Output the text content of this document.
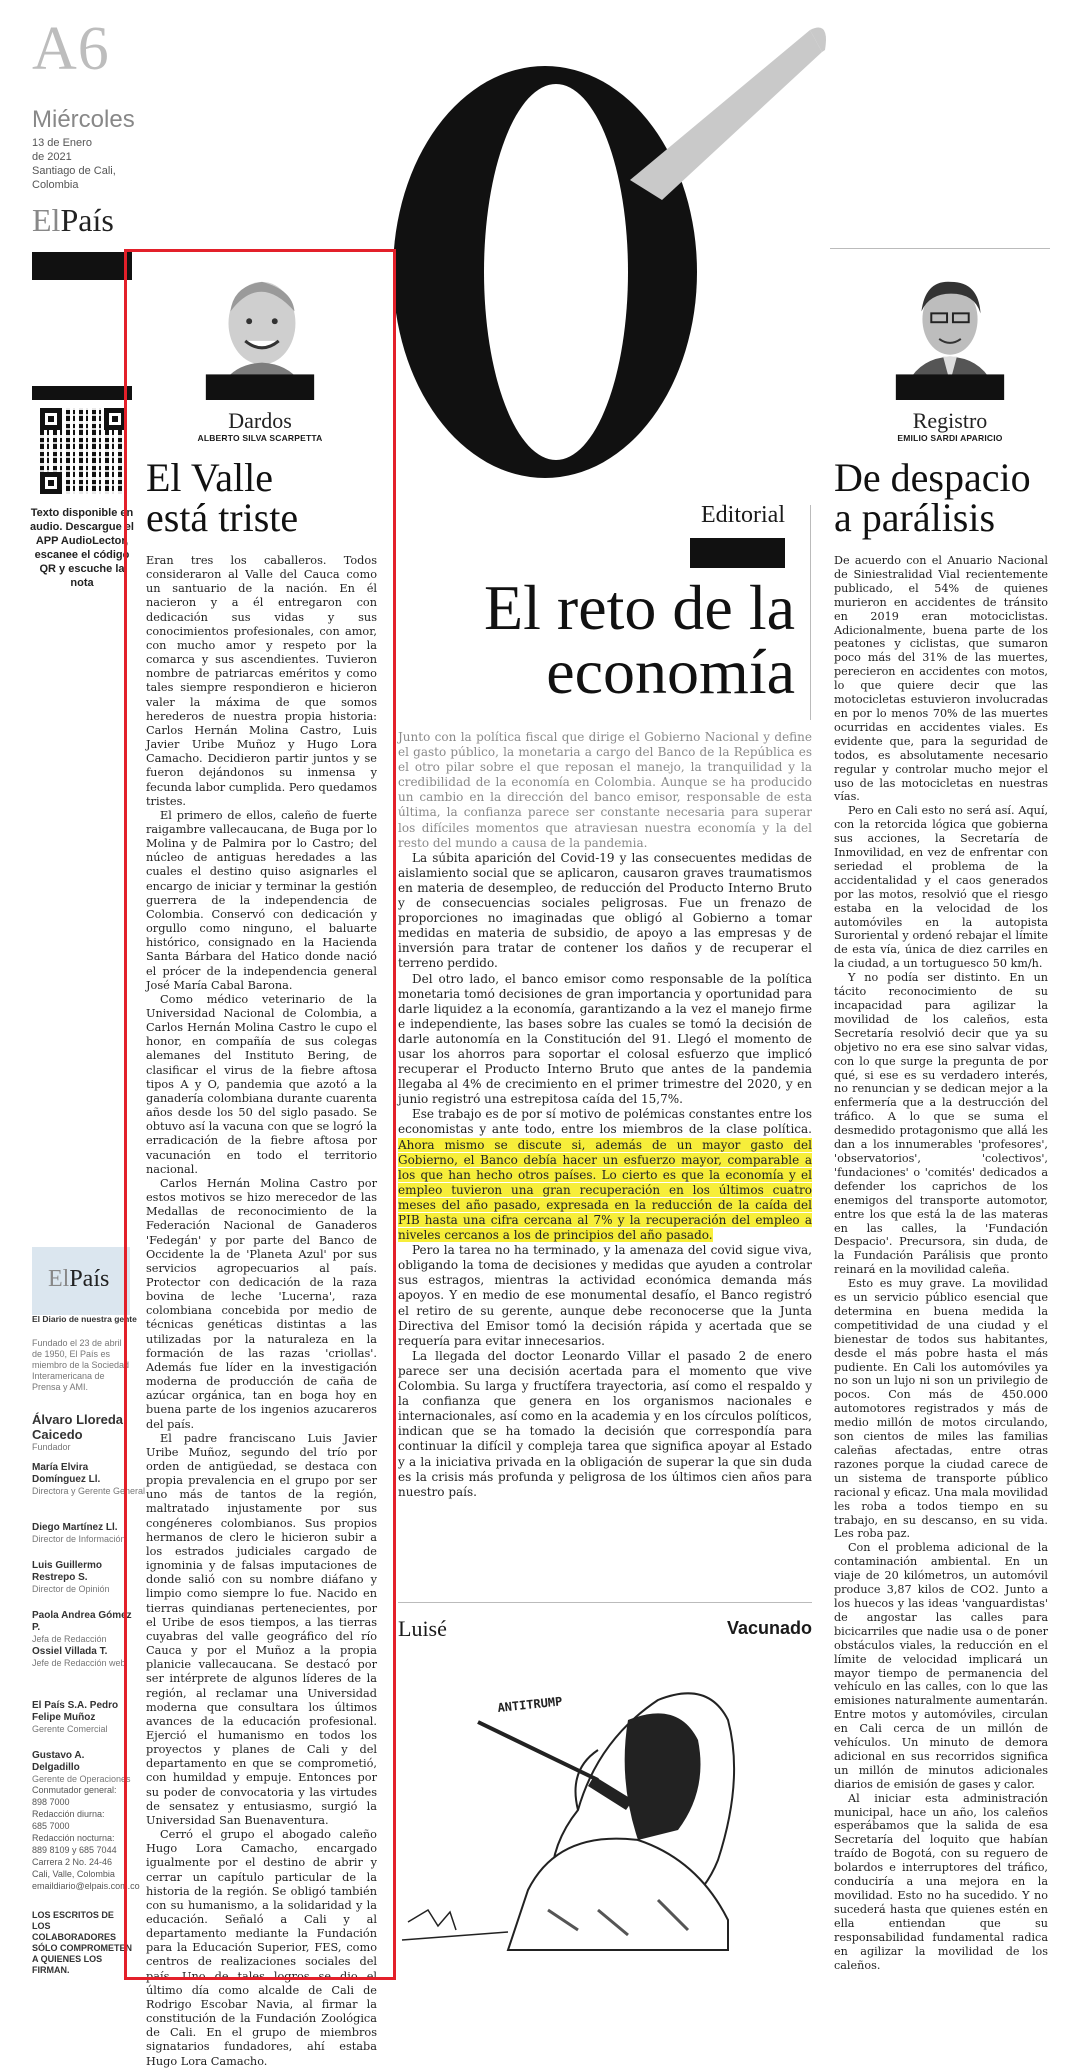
A6
Miércoles
13 de Enero
de 2021
Santiago de Cali,
Colombia
ElPaís
Texto disponible en audio. Descargue el APP AudioLector, escanee el código QR y escuche la nota
ElPaís
El Diario de nuestra gente
Fundado el 23 de abril de 1950, El País es miembro de la Sociedad Interamericana de Prensa y AMI.
Álvaro Lloreda Caicedo
Fundador
María Elvira Domínguez Ll.
Directora y Gerente General
Diego Martínez Ll.
Director de Información
Luis Guillermo Restrepo S.
Director de Opinión
Paola Andrea Gómez P.
Jefa de Redacción
Ossiel Villada T.
Jefe de Redacción web
El País S.A. Pedro Felipe Muñoz
Gerente Comercial
Gustavo A. Delgadillo
Gerente de Operaciones
Conmutador general:
898 7000
Redacción diurna:
685 7000
Redacción nocturna:
889 8109 y 685 7044
Carrera 2 No. 24-46
Cali, Valle, Colombia
emaildiario@elpais.com.co
LOS ESCRITOS DE LOS COLABORADORES SÓLO COMPROMETEN A QUIENES LOS FIRMAN.
Dardos
ALBERTO SILVA SCARPETTA
El Valle
está triste

Eran tres los caballeros. Todos consideraron al Valle del Cauca como un santuario de la nación. En él nacieron y a él entregaron con dedicación sus vidas y sus conocimientos profesionales, con amor, con mucho amor y respeto por la comarca y sus ascendientes. Tuvieron nombre de patriarcas eméritos y como tales siempre respondieron e hicieron valer la máxima de que somos herederos de nuestra propia historia: Carlos Hernán Molina Castro, Luis Javier Uribe Muñoz y Hugo Lora Camacho. Decidieron partir juntos y se fueron dejándonos su inmensa y fecunda labor cumplida. Pero quedamos tristes.

El primero de ellos, caleño de fuerte raigambre vallecaucana, de Buga por lo Molina y de Palmira por lo Castro; del núcleo de antiguas heredades a las cuales el destino quiso asignarles el encargo de iniciar y terminar la gestión guerrera de la independencia de Colombia. Conservó con dedicación y orgullo como ninguno, el baluarte histórico, consignado en la Hacienda Santa Bárbara del Hatico donde nació el prócer de la independencia general José María Cabal Barona.

Como médico veterinario de la Universidad Nacional de Colombia, a Carlos Hernán Molina Castro le cupo el honor, en compañía de sus colegas alemanes del Instituto Bering, de clasificar el virus de la fiebre aftosa tipos A y O, pandemia que azotó a la ganadería colombiana durante cuarenta años desde los 50 del siglo pasado. Se obtuvo así la vacuna con que se logró la erradicación de la fiebre aftosa por vacunación en todo el territorio nacional.

Carlos Hernán Molina Castro por estos motivos se hizo merecedor de las Medallas de reconocimiento de la Federación Nacional de Ganaderos 'Fedegán' y por parte del Banco de Occidente la de 'Planeta Azul' por sus servicios agropecuarios al país. Protector con dedicación de la raza bovina de leche 'Lucerna', raza colombiana concebida por medio de técnicas genéticas distintas a las utilizadas por la naturaleza en la formación de las razas 'criollas'. Además fue líder en la investigación moderna de producción de caña de azúcar orgánica, tan en boga hoy en buena parte de los ingenios azucareros del país.

El padre franciscano Luis Javier Uribe Muñoz, segundo del trío por orden de antigüedad, se destaca con propia prevalencia en el grupo por ser uno más de tantos de la región, maltratado injustamente por sus congéneres colombianos. Sus propios hermanos de clero le hicieron subir a los estrados judiciales cargado de ignominia y de falsas imputaciones de donde salió con su nombre diáfano y limpio como siempre lo fue. Nacido en tierras quindianas pertenecientes, por el Uribe de esos tiempos, a las tierras cuyabras del valle geográfico del río Cauca y por el Muñoz a la propia planicie vallecaucana. Se destacó por ser intérprete de algunos líderes de la región, al reclamar una Universidad moderna que consultara los últimos avances de la educación profesional. Ejerció el humanismo en todos los proyectos y planes de Cali y del departamento en que se comprometió, con humildad y empuje. Entonces por su poder de convocatoria y las virtudes de sensatez y entusiasmo, surgió la Universidad San Buenaventura.

Cerró el grupo el abogado caleño Hugo Lora Camacho, encargado igualmente por el destino de abrir y cerrar un capítulo particular de la historia de la región. Se obligó también con su humanismo, a la solidaridad y la educación. Señaló a Cali y al departamento mediante la Fundación para la Educación Superior, FES, como centros de realizaciones sociales del país. Uno de tales logros se dio el último día como alcalde de Cali de Rodrigo Escobar Navia, al firmar la constitución de la Fundación Zoológica de Cali. En el grupo de miembros signatarios fundadores, ahí estaba Hugo Lora Camacho.

Editorial
El reto de la
economía

Junto con la política fiscal que dirige el Gobierno Nacional y define el gasto público, la monetaria a cargo del Banco de la República es el otro pilar sobre el que reposan el manejo, la tranquilidad y la credibilidad de la economía en Colombia. Aunque se ha producido un cambio en la dirección del banco emisor, responsable de esta última, la confianza parece ser constante necesaria para superar los difíciles momentos que atraviesan nuestra economía y la del resto del mundo a causa de la pandemia.

La súbita aparición del Covid-19 y las consecuentes medidas de aislamiento social que se aplicaron, causaron graves traumatismos en materia de desempleo, de reducción del Producto Interno Bruto y de consecuencias sociales peligrosas. Fue un frenazo de proporciones no imaginadas que obligó al Gobierno a tomar medidas en materia de subsidio, de apoyo a las empresas y de inversión para tratar de contener los daños y de recuperar el terreno perdido.

Del otro lado, el banco emisor como responsable de la política monetaria tomó decisiones de gran importancia y oportunidad para darle liquidez a la economía, garantizando a la vez el manejo firme e independiente, las bases sobre las cuales se tomó la decisión de darle autonomía en la Constitución del 91. Llegó el momento de usar los ahorros para soportar el colosal esfuerzo que implicó recuperar el Producto Interno Bruto que antes de la pandemia llegaba al 4% de crecimiento en el primer trimestre del 2020, y en junio registró una estrepitosa caída del 15,7%.

Ese trabajo es de por sí motivo de polémicas constantes entre los economistas y ante todo, entre los miembros de la clase política. Ahora mismo se discute si, además de un mayor gasto del Gobierno, el Banco debía hacer un esfuerzo mayor, comparable a los que han hecho otros países. Lo cierto es que la economía y el empleo tuvieron una gran recuperación en los últimos cuatro meses del año pasado, expresada en la reducción de la caída del PIB hasta una cifra cercana al 7% y la recuperación del empleo a niveles cercanos a los de principios del año pasado.

Pero la tarea no ha terminado, y la amenaza del covid sigue viva, obligando la toma de decisiones y medidas que ayuden a controlar sus estragos, mientras la actividad económica demanda más apoyos. Y en medio de ese monumental desafío, el Banco registró el retiro de su gerente, aunque debe reconocerse que la Junta Directiva del Emisor tomó la decisión rápida y acertada que se requería para evitar innecesarios.

La llegada del doctor Leonardo Villar el pasado 2 de enero parece ser una decisión acertada para el momento que vive Colombia. Su larga y fructífera trayectoria, así como el respaldo y la confianza que genera en los organismos nacionales e internacionales, así como en la academia y en los círculos políticos, indican que se ha tomado la decisión que correspondía para continuar la difícil y compleja tarea que significa apoyar al Estado y a la iniciativa privada en la obligación de superar la que sin duda es la crisis más profunda y peligrosa de los últimos cien años para nuestro país.

Luisé	Vacunado
ANTITRUMP
Registro
EMILIO SARDI APARICIO
De despacio
a parálisis

De acuerdo con el Anuario Nacional de Siniestralidad Vial recientemente publicado, el 54% de quienes murieron en accidentes de tránsito en 2019 eran motociclistas. Adicionalmente, buena parte de los peatones y ciclistas, que sumaron poco más del 31% de las muertes, perecieron en accidentes con motos, lo que quiere decir que las motocicletas estuvieron involucradas en por lo menos 70% de las muertes ocurridas en accidentes viales. Es evidente que, para la seguridad de todos, es absolutamente necesario regular y controlar mucho mejor el uso de las motocicletas en nuestras vías.

Pero en Cali esto no será así. Aquí, con la retorcida lógica que gobierna sus acciones, la Secretaría de Inmovilidad, en vez de enfrentar con seriedad el problema de la accidentalidad y el caos generados por las motos, resolvió que el riesgo estaba en la velocidad de los automóviles en la autopista Suroriental y ordenó rebajar el límite de esta vía, única de diez carriles en la ciudad, a un tortuguesco 50 km/h.

Y no podía ser distinto. En un tácito reconocimiento de su incapacidad para agilizar la movilidad de los caleños, esta Secretaría resolvió decir que ya su objetivo no era ese sino salvar vidas, con lo que surge la pregunta de por qué, si ese es su verdadero interés, no renuncian y se dedican mejor a la enfermería que a la destrucción del tráfico. A lo que se suma el desmedido protagonismo que allá les dan a los innumerables 'profesores', 'observatorios', 'colectivos', 'fundaciones' o 'comités' dedicados a defender los caprichos de los enemigos del transporte automotor, entre los que está la de las materas en las calles, la 'Fundación Despacio'. Precursora, sin duda, de la Fundación Parálisis que pronto reinará en la movilidad caleña.

Esto es muy grave. La movilidad es un servicio público esencial que determina en buena medida la competitividad de una ciudad y el bienestar de todos sus habitantes, desde el más pobre hasta el más pudiente. En Cali los automóviles ya no son un lujo ni son un privilegio de pocos. Con más de 450.000 automotores registrados y más de medio millón de motos circulando, son cientos de miles las familias caleñas afectadas, entre otras razones porque la ciudad carece de un sistema de transporte público racional y eficaz. Una mala movilidad les roba a todos tiempo en su trabajo, en su descanso, en su vida. Les roba paz.

Con el problema adicional de la contaminación ambiental. En un viaje de 20 kilómetros, un automóvil produce 3,87 kilos de CO2. Junto a los huecos y las ideas 'vanguardistas' de angostar las calles para bicicarriles que nadie usa o de poner obstáculos viales, la reducción en el límite de velocidad implicará un mayor tiempo de permanencia del vehículo en las calles, con lo que las emisiones naturalmente aumentarán. Entre motos y automóviles, circulan en Cali cerca de un millón de vehículos. Un minuto de demora adicional en sus recorridos significa un millón de minutos adicionales diarios de emisión de gases y calor.

Al iniciar esta administración municipal, hace un año, los caleños esperábamos que la salida de esa Secretaría del loquito que habían traído de Bogotá, con su reguero de bolardos e interruptores del tráfico, conduciría a una mejora en la movilidad. Esto no ha sucedido. Y no sucederá hasta que quienes estén en ella entiendan que su responsabilidad fundamental radica en agilizar la movilidad de los caleños.
